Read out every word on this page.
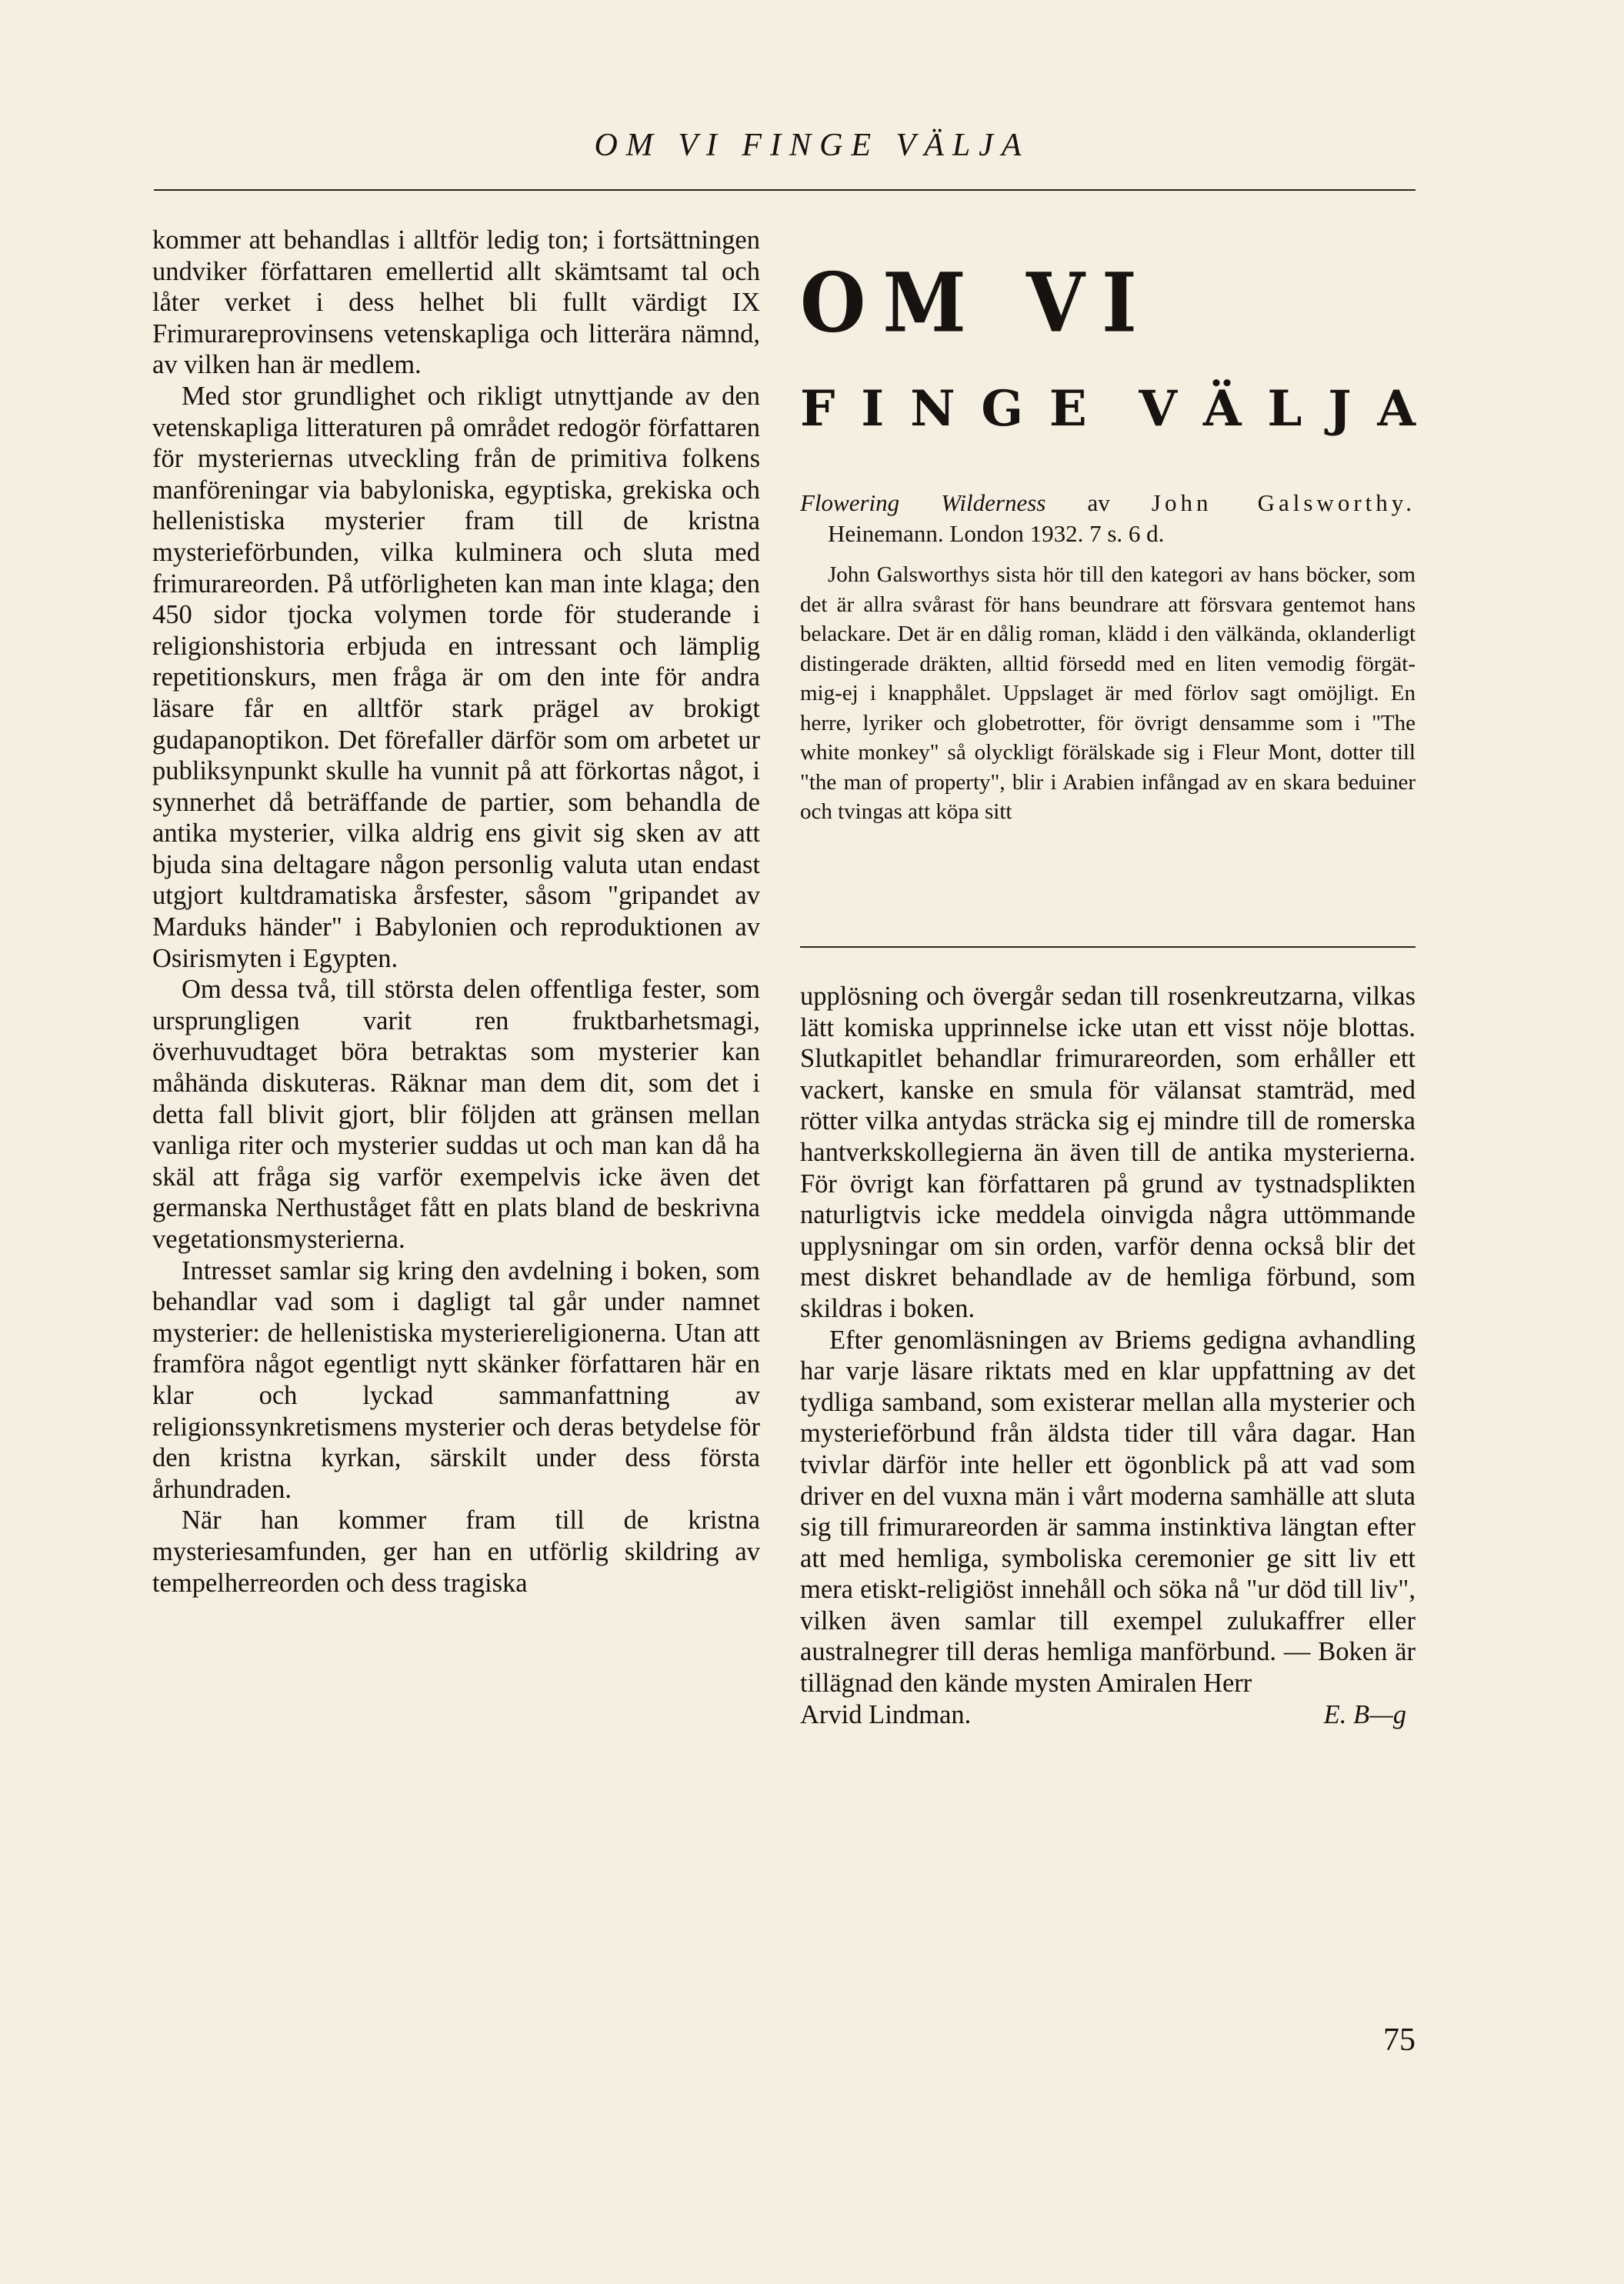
OM VI FINGE VÄLJA

kommer att behandlas i alltför ledig ton; i fortsättningen undviker författaren emellertid allt skämtsamt tal och låter verket i dess helhet bli fullt värdigt IX Frimurareprovinsens vetenskapliga och litterära nämnd, av vilken han är medlem.

Med stor grundlighet och rikligt utnyttjande av den vetenskapliga litteraturen på området redogör författaren för mysteriernas utveckling från de primitiva folkens manföreningar via babyloniska, egyptiska, grekiska och hellenistiska mysterier fram till de kristna mysterieförbunden, vilka kulminera och sluta med frimurareorden. På utförligheten kan man inte klaga; den 450 sidor tjocka volymen torde för studerande i religionshistoria erbjuda en intressant och lämplig repetitionskurs, men fråga är om den inte för andra läsare får en alltför stark prägel av brokigt gudapanoptikon. Det förefaller därför som om arbetet ur publiksynpunkt skulle ha vunnit på att förkortas något, i synnerhet då beträffande de partier, som behandla de antika mysterier, vilka aldrig ens givit sig sken av att bjuda sina deltagare någon personlig valuta utan endast utgjort kultdramatiska årsfester, såsom "gripandet av Marduks händer" i Babylonien och reproduktionen av Osirismyten i Egypten.

Om dessa två, till största delen offentliga fester, som ursprungligen varit ren fruktbarhetsmagi, överhuvudtaget böra betraktas som mysterier kan måhända diskuteras. Räknar man dem dit, som det i detta fall blivit gjort, blir följden att gränsen mellan vanliga riter och mysterier suddas ut och man kan då ha skäl att fråga sig varför exempelvis icke även det germanska Nerthuståget fått en plats bland de beskrivna vegetationsmysterierna.

Intresset samlar sig kring den avdelning i boken, som behandlar vad som i dagligt tal går under namnet mysterier: de hellenistiska mysteriereligionerna. Utan att framföra något egentligt nytt skänker författaren här en klar och lyckad sammanfattning av religionssynkretismens mysterier och deras betydelse för den kristna kyrkan, särskilt under dess första århundraden.

När han kommer fram till de kristna mysteriesamfunden, ger han en utförlig skildring av tempelherreorden och dess tragiska

OM VI
F I N G E V Ä L J A
Flowering Wilderness av John Galsworthy.
Heinemann. London 1932. 7 s. 6 d.
John Galsworthys sista hör till den kategori av hans böcker, som det är allra svårast för hans beundrare att försvara gentemot hans belackare. Det är en dålig roman, klädd i den välkända, oklanderligt distingerade dräkten, alltid försedd med en liten vemodig förgät-mig-ej i knapphålet. Uppslaget är med förlov sagt omöjligt. En herre, lyriker och globetrotter, för övrigt densamme som i "The white monkey" så olyckligt förälskade sig i Fleur Mont, dotter till "the man of property", blir i Arabien infångad av en skara beduiner och tvingas att köpa sitt

upplösning och övergår sedan till rosenkreutzarna, vilkas lätt komiska upprinnelse icke utan ett visst nöje blottas. Slutkapitlet behandlar frimurareorden, som erhåller ett vackert, kanske en smula för välansat stamträd, med rötter vilka antydas sträcka sig ej mindre till de romerska hantverkskollegierna än även till de antika mysterierna. För övrigt kan författaren på grund av tystnadsplikten naturligtvis icke meddela oinvigda några uttömmande upplysningar om sin orden, varför denna också blir det mest diskret behandlade av de hemliga förbund, som skildras i boken.

Efter genomläsningen av Briems gedigna avhandling har varje läsare riktats med en klar uppfattning av det tydliga samband, som existerar mellan alla mysterier och mysterieförbund från äldsta tider till våra dagar. Han tvivlar därför inte heller ett ögonblick på att vad som driver en del vuxna män i vårt moderna samhälle att sluta sig till frimurareorden är samma instinktiva längtan efter att med hemliga, symboliska ceremonier ge sitt liv ett mera etiskt-religiöst innehåll och söka nå "ur död till liv", vilken även samlar till exempel zulukaffrer eller australnegrer till deras hemliga manförbund. — Boken är tillägnad den kände mysten Amiralen Herr

Arvid Lindman.	E. B—g
75
